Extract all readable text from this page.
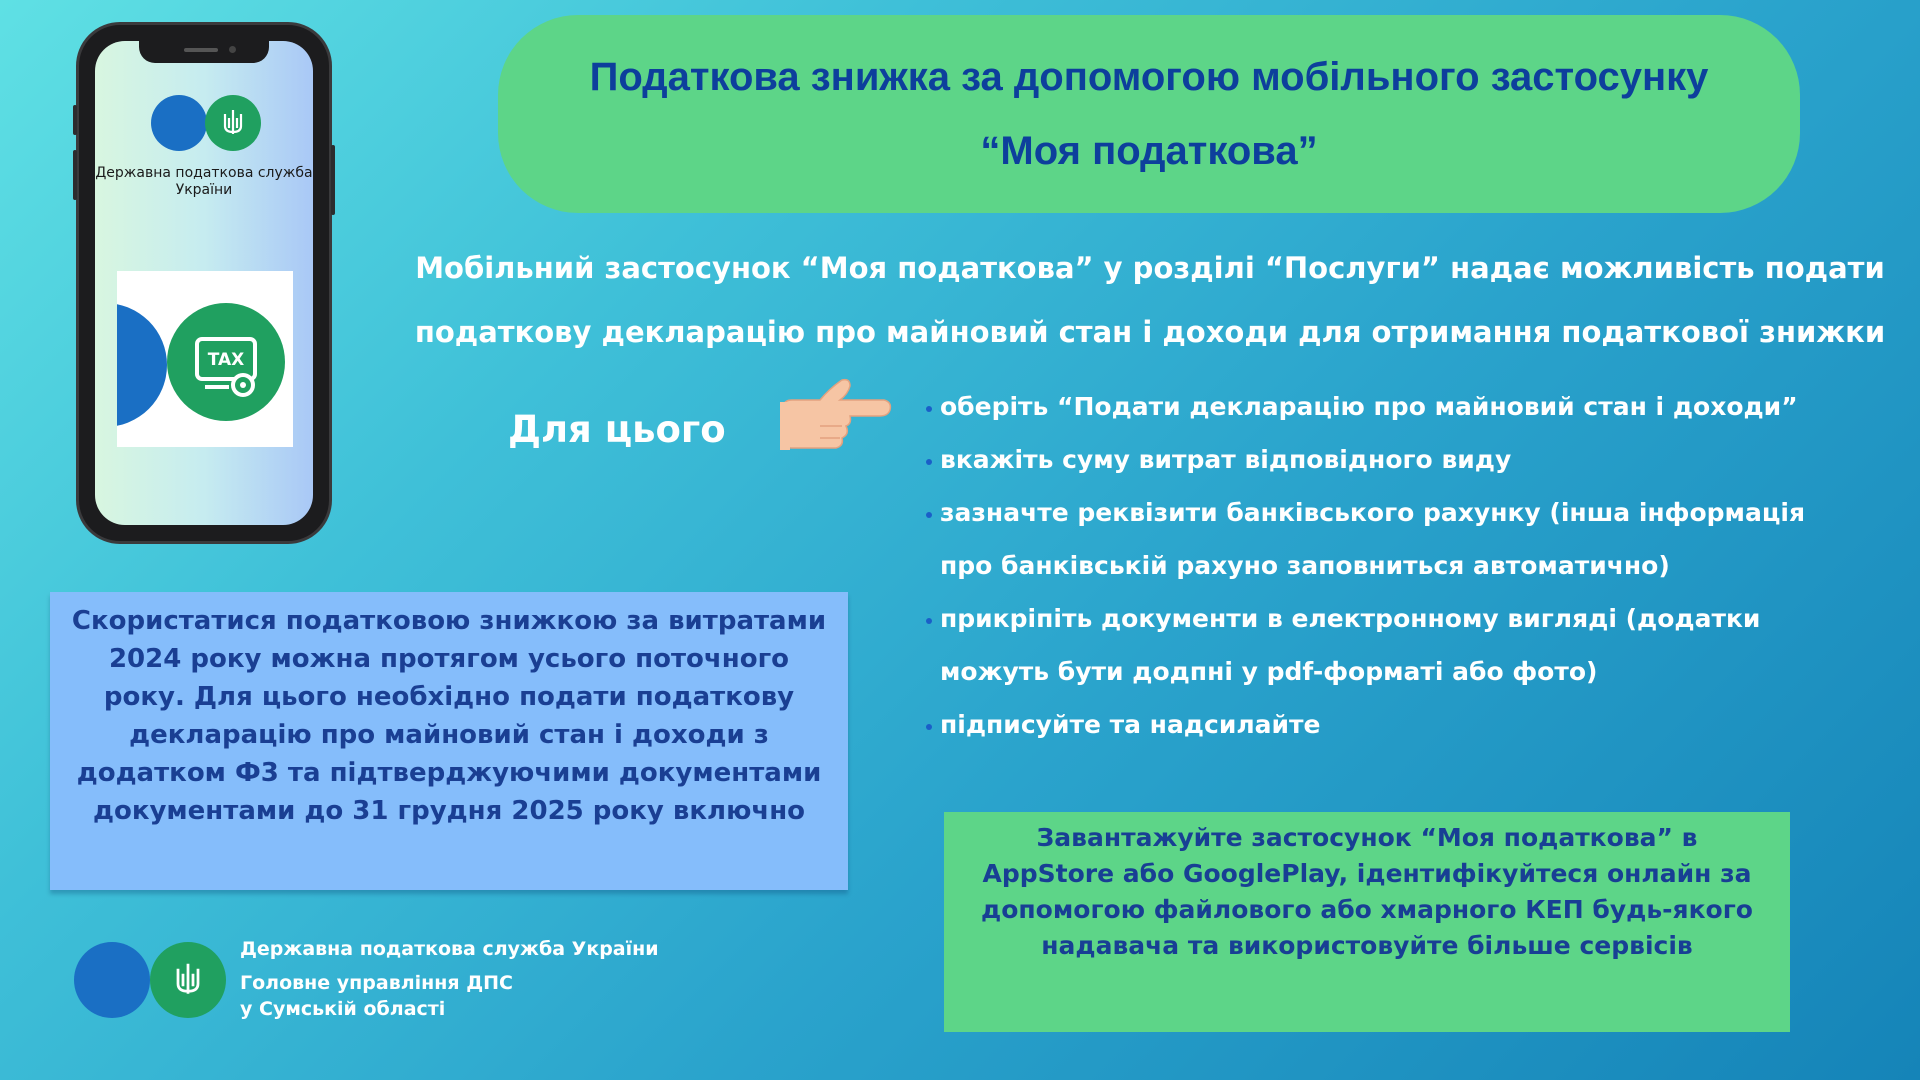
Державна податкова служба України
TAX
Податкова знижка за допомогою мобільного застосунку
“Моя податкова”
Мобільний застосунок “Моя податкова” у розділі “Послуги” надає можливість подати
податкову декларацію про майновий стан і доходи для отримання податкової знижки
Для цього
оберіть “Подати декларацію про майновий стан і доходи”
вкажіть суму витрат відповідного виду
зазначте реквізити банківського рахунку (інша інформація про банківській рахуно заповниться автоматично)
прикріпіть документи в електронному вигляді (додатки можуть бути додпні у pdf-форматі або фото)
підписуйте та надсилайте
Скористатися податковою знижкою за витратами 2024 року можна протягом усього поточного року. Для цього необхідно подати податкову декларацію про майновий стан і доходи з додатком Ф3 та підтверджуючими документами документами до 31 грудня 2025 року включно
Завантажуйте застосунок “Моя податкова” в AppStore або GooglePlay, ідентифікуйтеся онлайн за допомогою файлового або хмарного КЕП будь-якого надавача та використовуйте більше сервісів
Державна податкова служба України
Головне управління ДПС
у Сумській області
